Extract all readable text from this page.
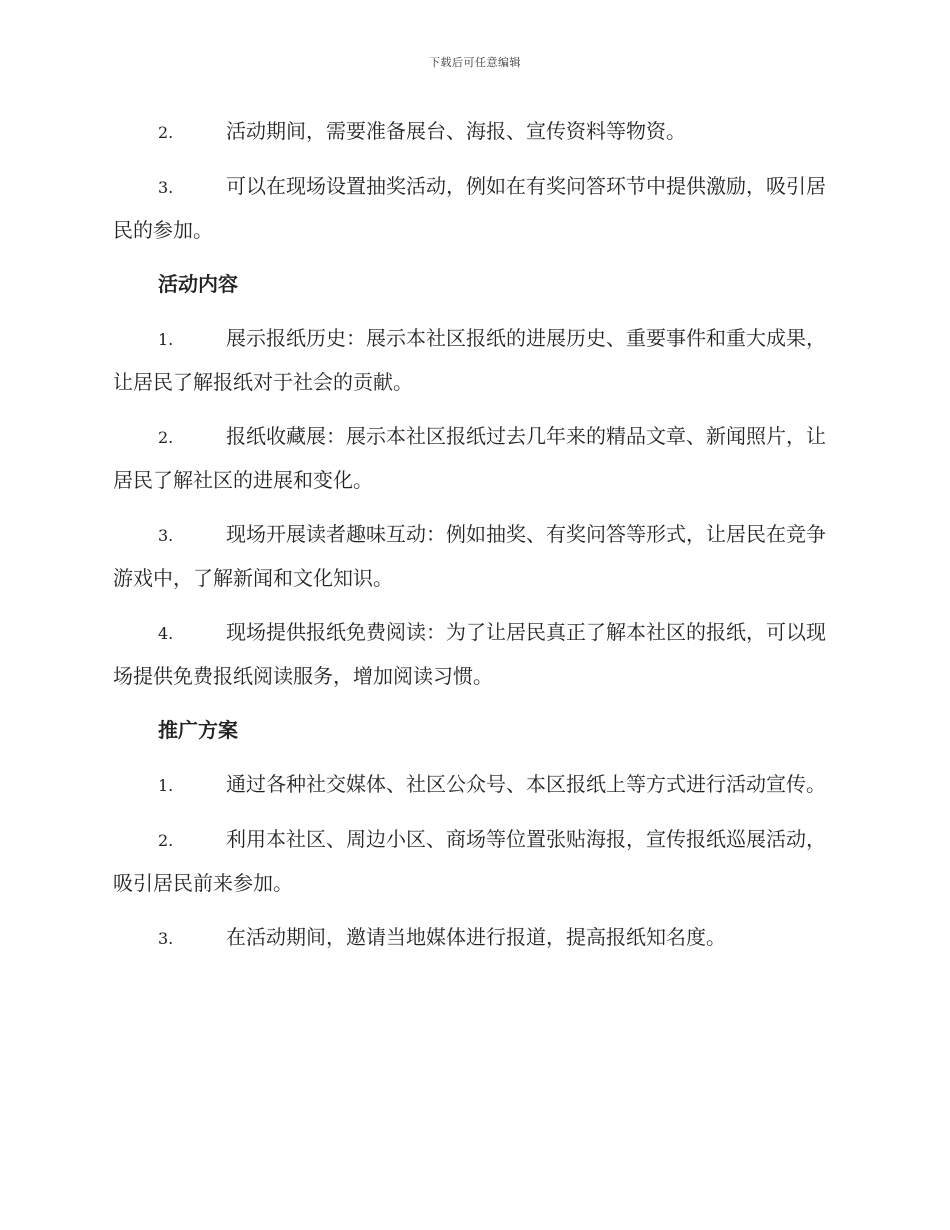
下载后可任意编辑

2.	活动期间，需要准备展台、海报、宣传资料等物资。

3.	可以在现场设置抽奖活动，例如在有奖问答环节中提供激励，吸引居民的参加。

活动内容

1.	展示报纸历史：展示本社区报纸的进展历史、重要事件和重大成果，让居民了解报纸对于社会的贡献。

2.	报纸收藏展：展示本社区报纸过去几年来的精品文章、新闻照片，让居民了解社区的进展和变化。

3.	现场开展读者趣味互动：例如抽奖、有奖问答等形式，让居民在竞争游戏中，了解新闻和文化知识。

4.	现场提供报纸免费阅读：为了让居民真正了解本社区的报纸，可以现场提供免费报纸阅读服务，增加阅读习惯。

推广方案

1.	通过各种社交媒体、社区公众号、本区报纸上等方式进行活动宣传。

2.	利用本社区、周边小区、商场等位置张贴海报，宣传报纸巡展活动，吸引居民前来参加。

3.	在活动期间，邀请当地媒体进行报道，提高报纸知名度。
